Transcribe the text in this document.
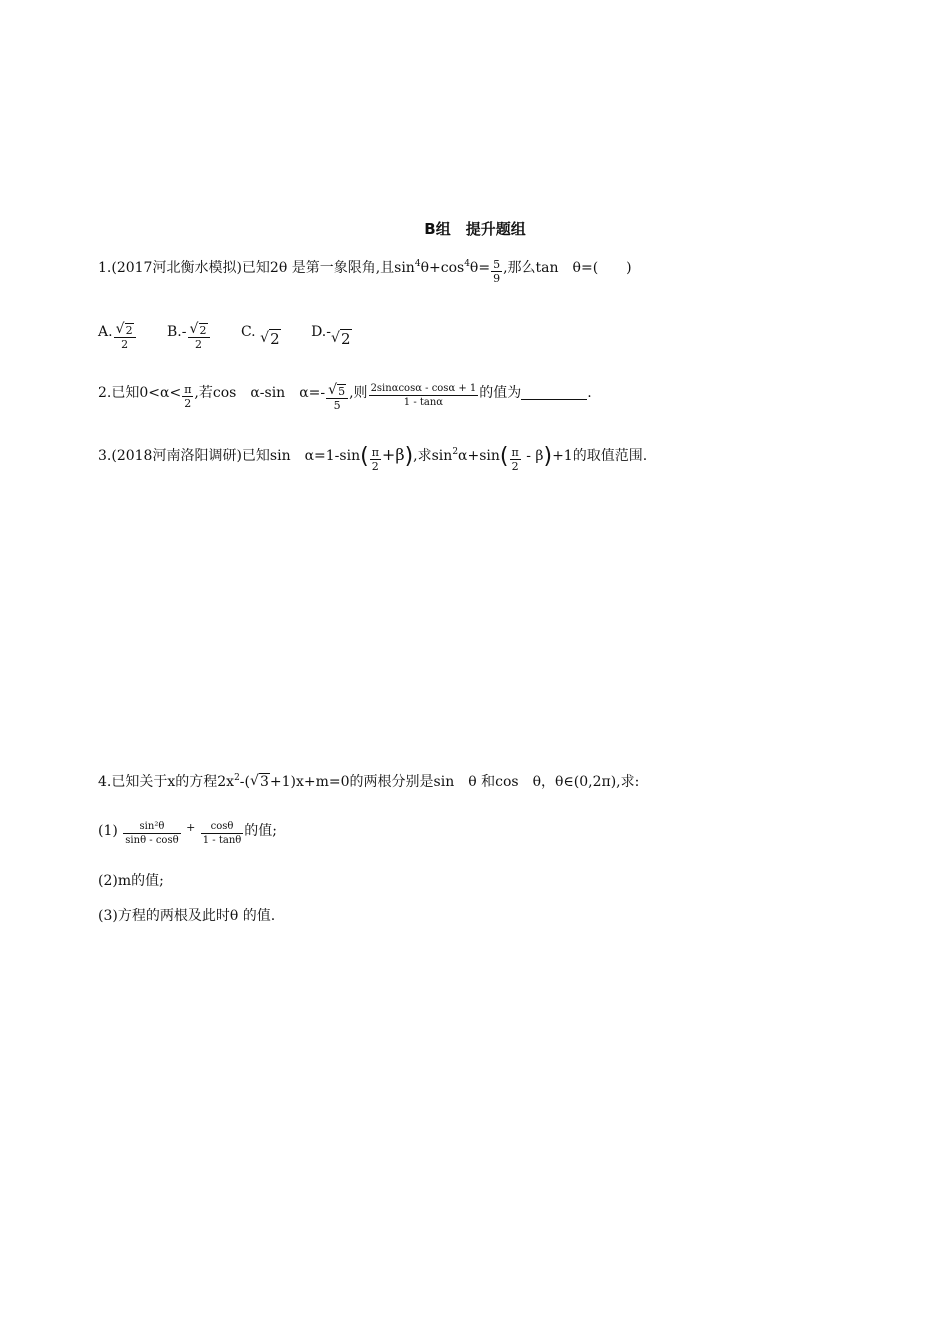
B组　提升题组
1.(2017河北衡水模拟)已知2θ 是第一象限角,且$\sin^4\theta+\cos^4\theta= \frac{5}{9}$ ,那么tan　θ=(　　)
A.
√ $\frac{2}{2} B.-$
√ $\frac{2}{2} C$. √ 2 D.-√ 2
2.已知$0<\alpha< \frac{\pi}{2}$ ,若cos　α-sin　α=-
√ $\frac{5}{5}$ ,则 $\frac{2\sin\alpha\cos\alpha - \cos\alpha + 1}{1 - \tan\alpha}$ 的值为	.
3.(2018河南洛阳调研)已知sin　$\alpha=1-\sin( \frac{\pi}{2} +\beta)$,求$\sin^2\alpha+\sin( \frac{\pi}{2} - \beta)+1$的取值范围.
4.已知关于x的方程$2x^2-(√$ 3+1)x+m=0的两根分别是sin　θ 和cos　θ，θ∈(0,2π),求:
$(1) \frac{\text{sin²θ}}{\sin\theta - \cos\theta} ^+ \frac{\cos\theta}{1 - \tan\theta}$ 的值;
(2)m的值;
(3)方程的两根及此时θ 的值.
